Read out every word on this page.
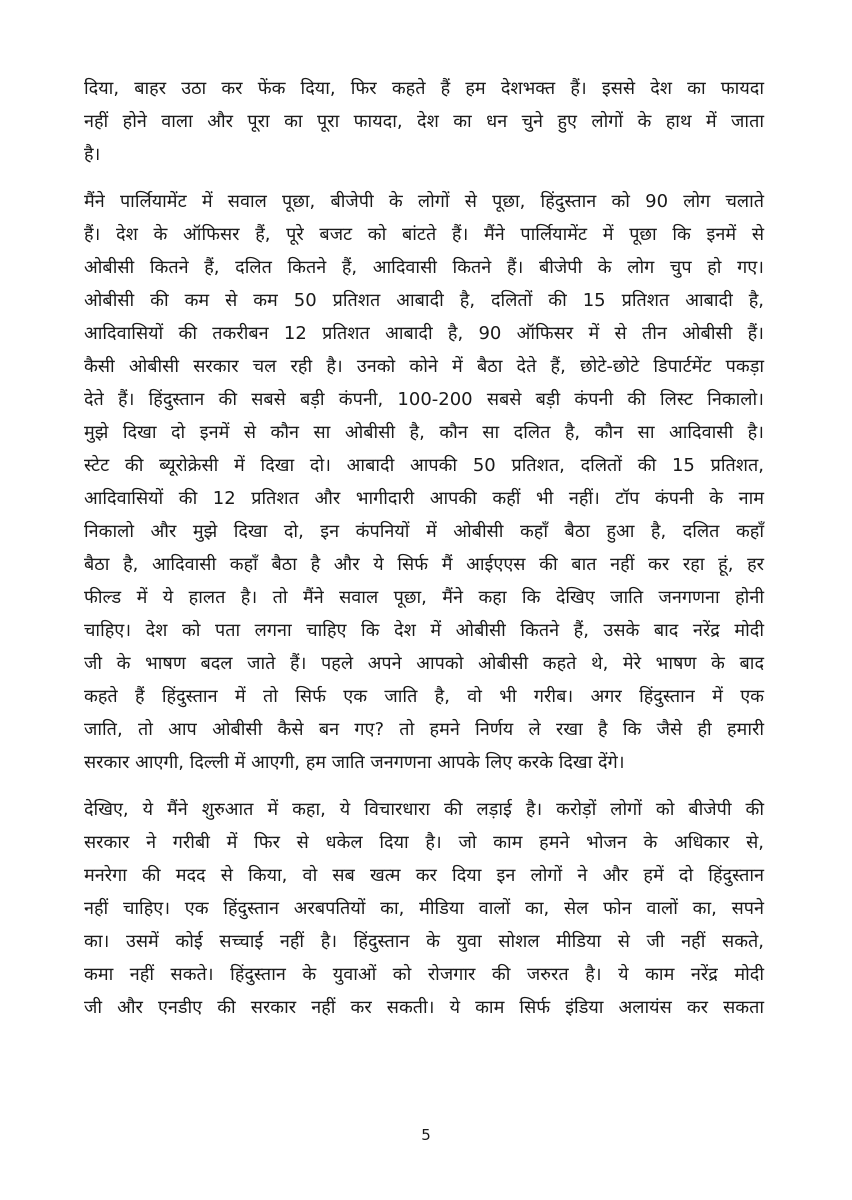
दिया, बाहर उठा कर फेंक दिया, फिर कहते हैं हम देशभक्त हैं। इससे देश का फायदा
नहीं होने वाला और पूरा का पूरा फायदा, देश का धन चुने हुए लोगों के हाथ में जाता
है।
मैंने पार्लियामेंट में सवाल पूछा, बीजेपी के लोगों से पूछा, हिंदुस्तान को 90 लोग चलाते
हैं। देश के ऑफिसर हैं, पूरे बजट को बांटते हैं। मैंने पार्लियामेंट में पूछा कि इनमें से
ओबीसी कितने हैं, दलित कितने हैं, आदिवासी कितने हैं। बीजेपी के लोग चुप हो गए।
ओबीसी की कम से कम 50 प्रतिशत आबादी है, दलितों की 15 प्रतिशत आबादी है,
आदिवासियों की तकरीबन 12 प्रतिशत आबादी है, 90 ऑफिसर में से तीन ओबीसी हैं।
कैसी ओबीसी सरकार चल रही है। उनको कोने में बैठा देते हैं, छोटे-छोटे डिपार्टमेंट पकड़ा
देते हैं। हिंदुस्तान की सबसे बड़ी कंपनी, 100-200 सबसे बड़ी कंपनी की लिस्ट निकालो।
मुझे दिखा दो इनमें से कौन सा ओबीसी है, कौन सा दलित है, कौन सा आदिवासी है।
स्टेट की ब्यूरोक्रेसी में दिखा दो। आबादी आपकी 50 प्रतिशत, दलितों की 15 प्रतिशत,
आदिवासियों की 12 प्रतिशत और भागीदारी आपकी कहीं भी नहीं। टॉप कंपनी के नाम
निकालो और मुझे दिखा दो, इन कंपनियों में ओबीसी कहाँ बैठा हुआ है, दलित कहाँ
बैठा है, आदिवासी कहाँ बैठा है और ये सिर्फ मैं आईएएस की बात नहीं कर रहा हूं, हर
फील्ड में ये हालत है। तो मैंने सवाल पूछा, मैंने कहा कि देखिए जाति जनगणना होनी
चाहिए। देश को पता लगना चाहिए कि देश में ओबीसी कितने हैं, उसके बाद नरेंद्र मोदी
जी के भाषण बदल जाते हैं। पहले अपने आपको ओबीसी कहते थे, मेरे भाषण के बाद
कहते हैं हिंदुस्तान में तो सिर्फ एक जाति है, वो भी गरीब। अगर हिंदुस्तान में एक
जाति, तो आप ओबीसी कैसे बन गए? तो हमने निर्णय ले रखा है कि जैसे ही हमारी
सरकार आएगी, दिल्ली में आएगी, हम जाति जनगणना आपके लिए करके दिखा देंगे।
देखिए, ये मैंने शुरुआत में कहा, ये विचारधारा की लड़ाई है। करोड़ों लोगों को बीजेपी की
सरकार ने गरीबी में फिर से धकेल दिया है। जो काम हमने भोजन के अधिकार से,
मनरेगा की मदद से किया, वो सब खत्म कर दिया इन लोगों ने और हमें दो हिंदुस्तान
नहीं चाहिए। एक हिंदुस्तान अरबपतियों का, मीडिया वालों का, सेल फोन वालों का, सपने
का। उसमें कोई सच्चाई नहीं है। हिंदुस्तान के युवा सोशल मीडिया से जी नहीं सकते,
कमा नहीं सकते। हिंदुस्तान के युवाओं को रोजगार की जरुरत है। ये काम नरेंद्र मोदी
जी और एनडीए की सरकार नहीं कर सकती। ये काम सिर्फ इंडिया अलायंस कर सकता
5
